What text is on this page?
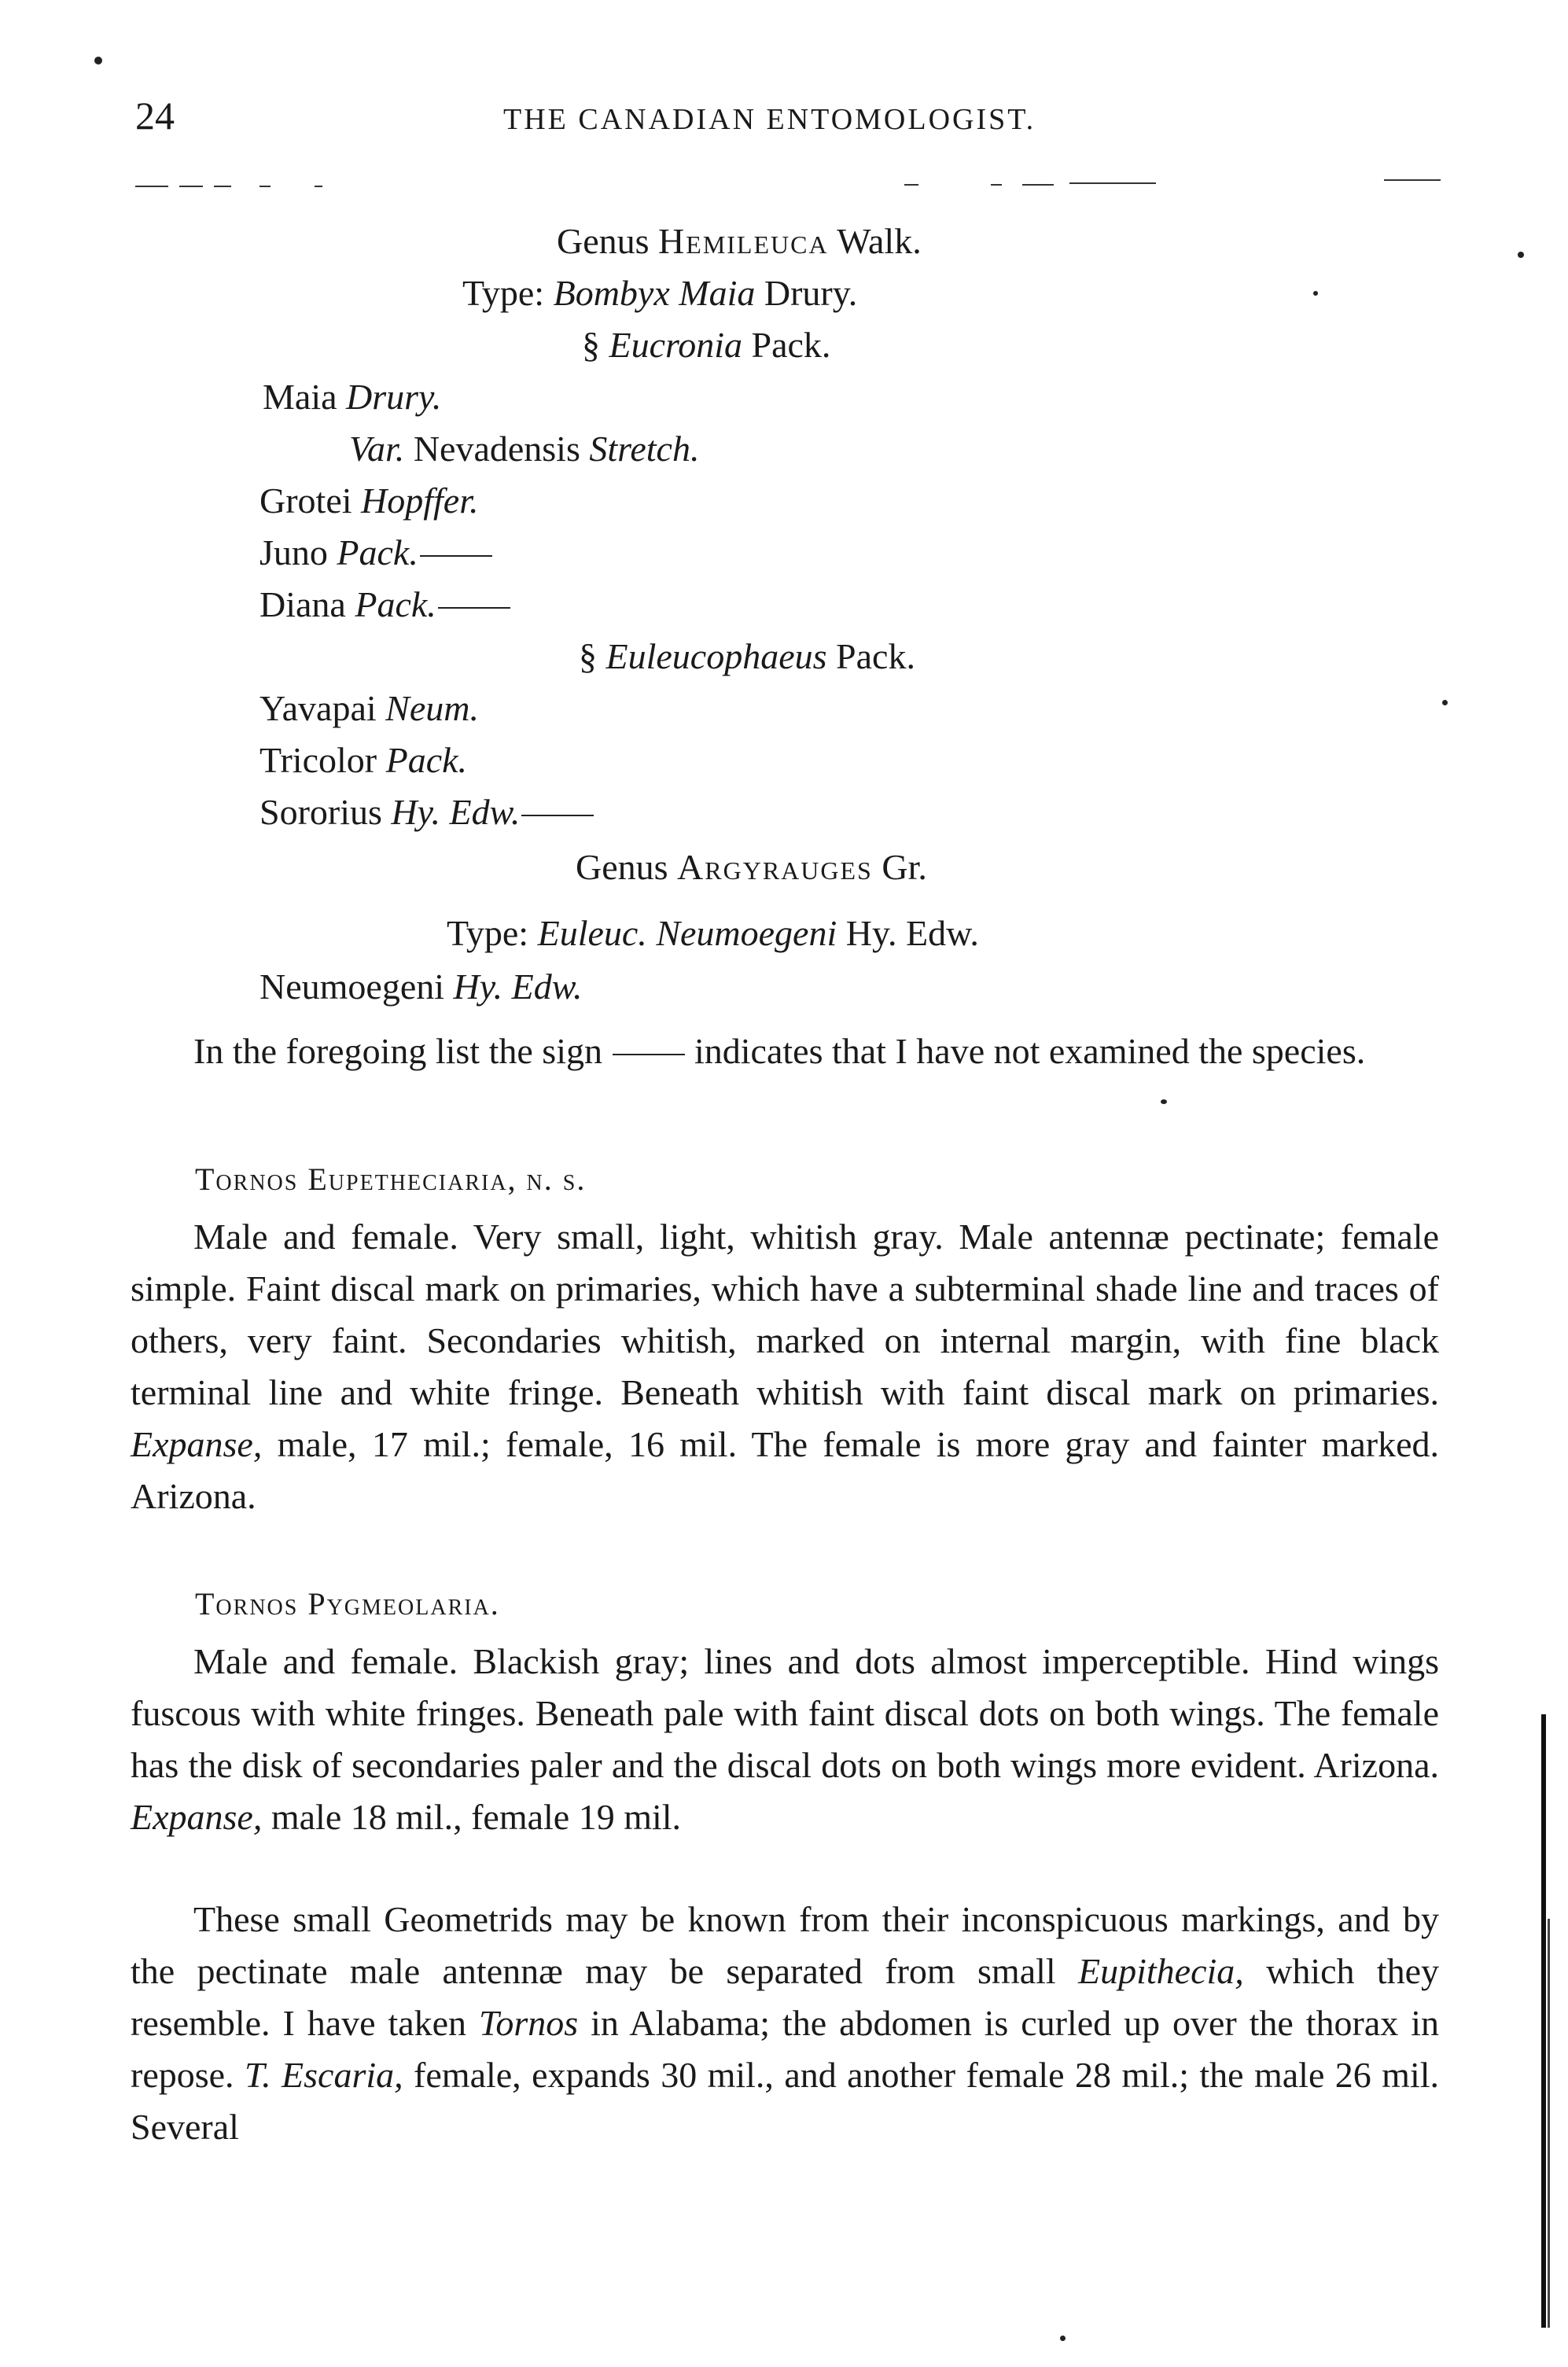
24	THE CANADIAN ENTOMOLOGIST.
Genus Hemileuca Walk.
Type: Bombyx Maia Drury.
§ Eucronia Pack.
Maia Drury.
Var. Nevadensis Stretch.
Grotei Hopffer.
Juno Pack.
Diana Pack.
§ Euleucophaeus Pack.
Yavapai Neum.
Tricolor Pack.
Sororius Hy. Edw.
Genus Argyrauges Gr.
Type: Euleuc. Neumoegeni Hy. Edw.
Neumoegeni Hy. Edw.

In the foregoing list the sign	indicates that I have not examined the species.

Tornos Eupetheciaria, n. s.

Male and female. Very small, light, whitish gray. Male antennæ pectinate; female simple. Faint discal mark on primaries, which have a subterminal shade line and traces of others, very faint. Secondaries whitish, marked on internal margin, with fine black terminal line and white fringe. Beneath whitish with faint discal mark on primaries. Expanse, male, 17 mil.; female, 16 mil. The female is more gray and fainter marked. Arizona.

Tornos Pygmeolaria.

Male and female. Blackish gray; lines and dots almost imperceptible. Hind wings fuscous with white fringes. Beneath pale with faint discal dots on both wings. The female has the disk of secondaries paler and the discal dots on both wings more evident. Arizona. Expanse, male 18 mil., female 19 mil.

These small Geometrids may be known from their inconspicuous markings, and by the pectinate male antennæ may be separated from small Eupithecia, which they resemble. I have taken Tornos in Alabama; the abdomen is curled up over the thorax in repose. T. Escaria, female, expands 30 mil., and another female 28 mil.; the male 26 mil. Several
